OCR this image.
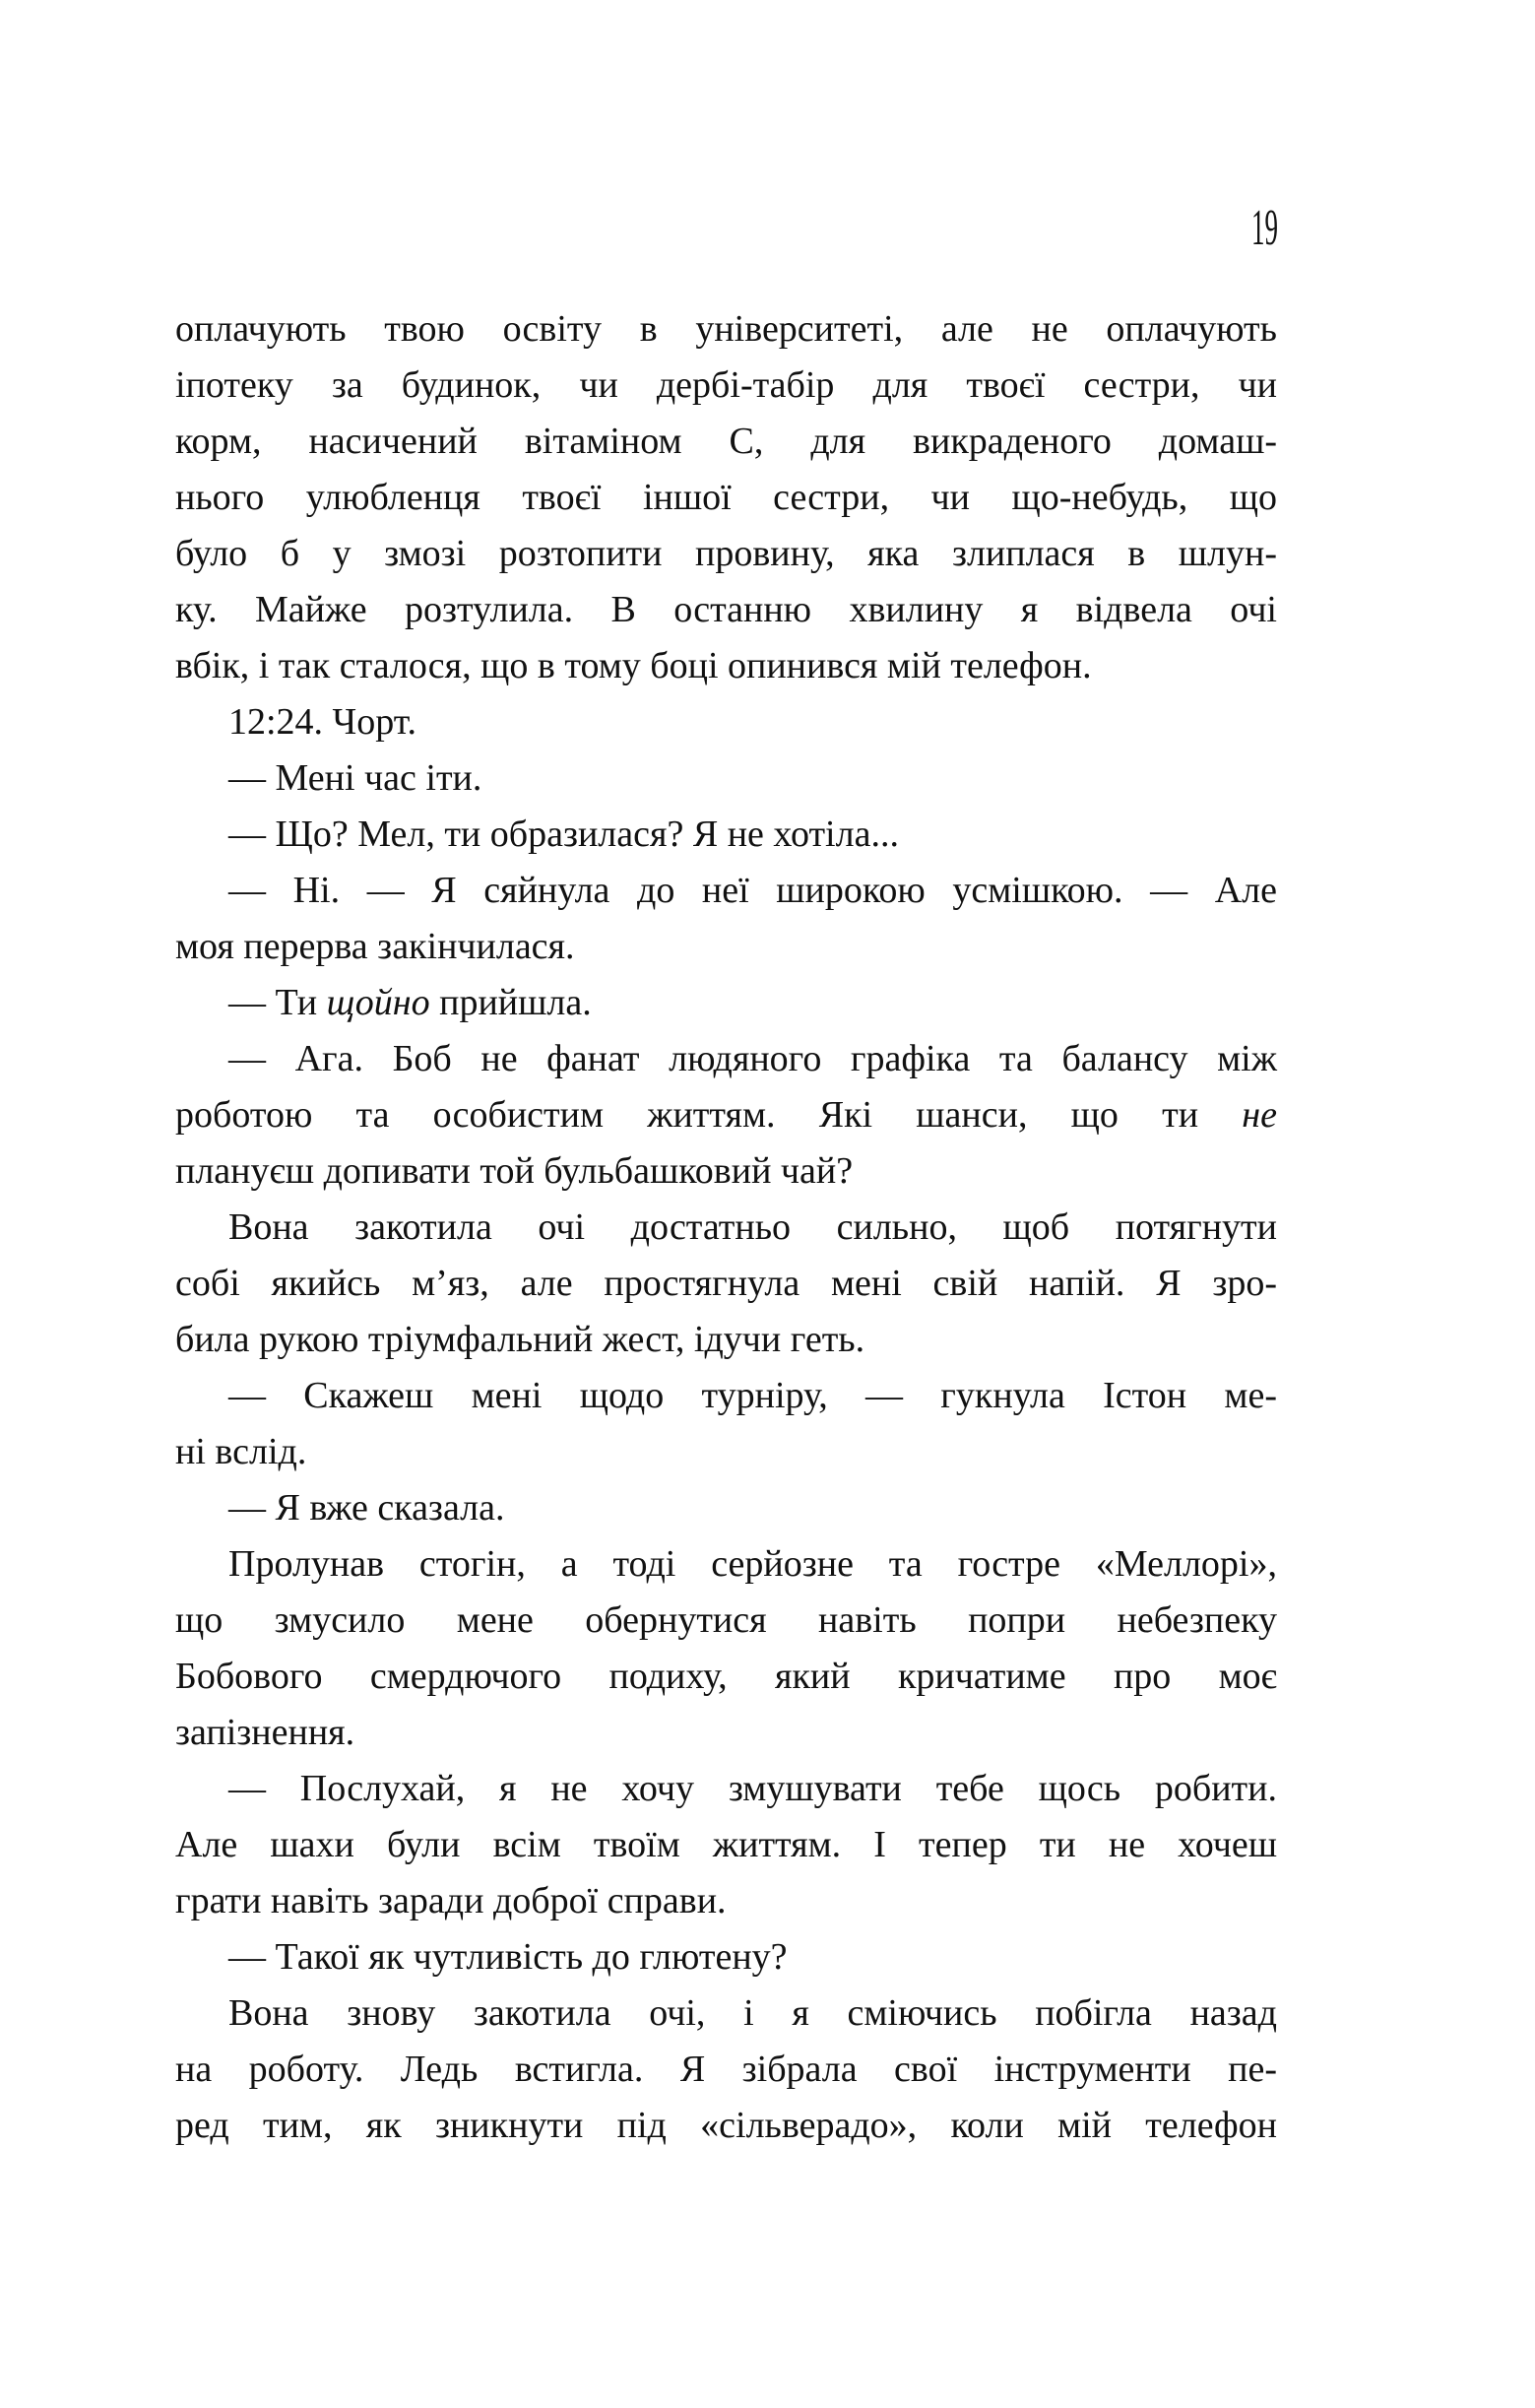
19
оплачують твою освіту в університеті, але не оплачують
іпотеку за будинок, чи дербі-табір для твоєї сестри, чи
корм, насичений вітаміном С, для викраденого домаш-
нього улюбленця твоєї іншої сестри, чи що-небудь, що
було б у змозі розтопити провину, яка злиплася в шлун-
ку. Майже розтулила. В останню хвилину я відвела очі
вбік, і так сталося, що в тому боці опинився мій телефон.
12:24. Чорт.
— Мені час іти.
— Що? Мел, ти образилася? Я не хотіла...
— Ні. — Я сяйнула до неї широкою усмішкою. — Але
моя перерва закінчилася.
— Ти щойно прийшла.
— Ага. Боб не фанат людяного графіка та балансу між
роботою та особистим життям. Які шанси, що ти не
плануєш допивати той бульбашковий чай?
Вона закотила очі достатньо сильно, щоб потягнути
собі якийсь м’яз, але простягнула мені свій напій. Я зро-
била рукою тріумфальний жест, ідучи геть.
— Скажеш мені щодо турніру, — гукнула Істон ме-
ні вслід.
— Я вже сказала.
Пролунав стогін, а тоді серйозне та гостре «Меллорі»,
що змусило мене обернутися навіть попри небезпеку
Бобового смердючого подиху, який кричатиме про моє
запізнення.
— Послухай, я не хочу змушувати тебе щось робити.
Але шахи були всім твоїм життям. І тепер ти не хочеш
грати навіть заради доброї справи.
— Такої як чутливість до глютену?
Вона знову закотила очі, і я сміючись побігла назад
на роботу. Ледь встигла. Я зібрала свої інструменти пе-
ред тим, як зникнути під «сільверадо», коли мій телефон
